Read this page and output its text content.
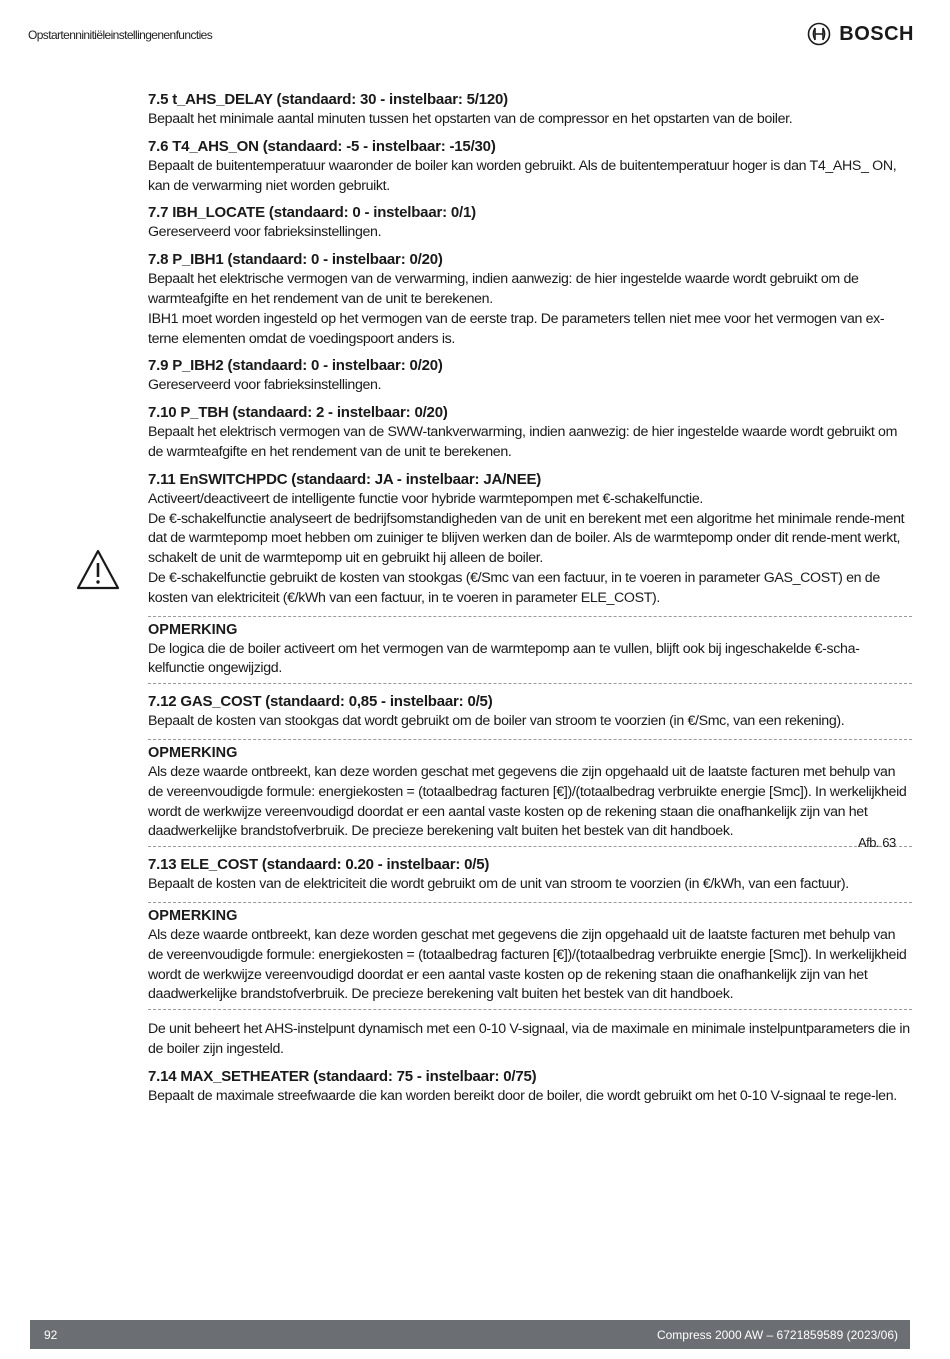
Opstartenninitiëleinstellingenenfuncties	BOSCH
7.5 t_AHS_DELAY (standaard: 30 - instelbaar: 5/120)

Bepaalt het minimale aantal minuten tussen het opstarten van de compressor en het opstarten van de boiler.

7.6 T4_AHS_ON (standaard: -5 - instelbaar: -15/30)

Bepaalt de buitentemperatuur waaronder de boiler kan worden gebruikt. Als de buitentemperatuur hoger is dan T4_AHS_ ON, kan de verwarming niet worden gebruikt.

7.7 IBH_LOCATE (standaard: 0 - instelbaar: 0/1)

Gereserveerd voor fabrieksinstellingen.

7.8 P_IBH1 (standaard: 0 - instelbaar: 0/20)

Bepaalt het elektrische vermogen van de verwarming, indien aanwezig: de hier ingestelde waarde wordt gebruikt om de warmteafgifte en het rendement van de unit te berekenen.

IBH1 moet worden ingesteld op het vermogen van de eerste trap. De parameters tellen niet mee voor het vermogen van ex-terne elementen omdat de voedingspoort anders is.

7.9 P_IBH2 (standaard: 0 - instelbaar: 0/20)

Gereserveerd voor fabrieksinstellingen.

7.10 P_TBH (standaard: 2 - instelbaar: 0/20)

Bepaalt het elektrisch vermogen van de SWW-tankverwarming, indien aanwezig: de hier ingestelde waarde wordt gebruikt om de warmteafgifte en het rendement van de unit te berekenen.

7.11 EnSWITCHPDC (standaard: JA - instelbaar: JA/NEE)

Activeert/deactiveert de intelligente functie voor hybride warmtepompen met €-schakelfunctie.

De €-schakelfunctie analyseert de bedrijfsomstandigheden van de unit en berekent met een algoritme het minimale rende-ment dat de warmtepomp moet hebben om zuiniger te blijven werken dan de boiler. Als de warmtepomp onder dit rende-ment werkt, schakelt de unit de warmtepomp uit en gebruikt hij alleen de boiler.

De €-schakelfunctie gebruikt de kosten van stookgas (€/Smc van een factuur, in te voeren in parameter GAS_COST) en de kosten van elektriciteit (€/kWh van een factuur, in te voeren in parameter ELE_COST).

OPMERKING

De logica die de boiler activeert om het vermogen van de warmtepomp aan te vullen, blijft ook bij ingeschakelde €-scha-kelfunctie ongewijzigd.

7.12 GAS_COST (standaard: 0,85 - instelbaar: 0/5)

Bepaalt de kosten van stookgas dat wordt gebruikt om de boiler van stroom te voorzien (in €/Smc, van een rekening).

OPMERKING

Als deze waarde ontbreekt, kan deze worden geschat met gegevens die zijn opgehaald uit de laatste facturen met behulp van de vereenvoudigde formule: energiekosten = (totaalbedrag facturen [€])/(totaalbedrag verbruikte energie [Smc]). In werkelijkheid wordt de werkwijze vereenvoudigd doordat er een aantal vaste kosten op de rekening staan die onafhankelijk zijn van het daadwerkelijke brandstofverbruik. De precieze berekening valt buiten het bestek van dit handboek.

7.13 ELE_COST (standaard: 0.20 - instelbaar: 0/5)

Bepaalt de kosten van de elektriciteit die wordt gebruikt om de unit van stroom te voorzien (in €/kWh, van een factuur).

OPMERKING

Als deze waarde ontbreekt, kan deze worden geschat met gegevens die zijn opgehaald uit de laatste facturen met behulp van de vereenvoudigde formule: energiekosten = (totaalbedrag facturen [€])/(totaalbedrag verbruikte energie [Smc]). In werkelijkheid wordt de werkwijze vereenvoudigd doordat er een aantal vaste kosten op de rekening staan die onafhankelijk zijn van het daadwerkelijke brandstofverbruik. De precieze berekening valt buiten het bestek van dit handboek.

De unit beheert het AHS-instelpunt dynamisch met een 0-10 V-signaal, via de maximale en minimale instelpuntparameters die in de boiler zijn ingesteld.
7.14 MAX_SETHEATER (standaard: 75 - instelbaar: 0/75)

Bepaalt de maximale streefwaarde die kan worden bereikt door de boiler, die wordt gebruikt om het 0-10 V-signaal te rege-len.

Afb. 63
92	Compress 2000 AW – 6721859589 (2023/06)
